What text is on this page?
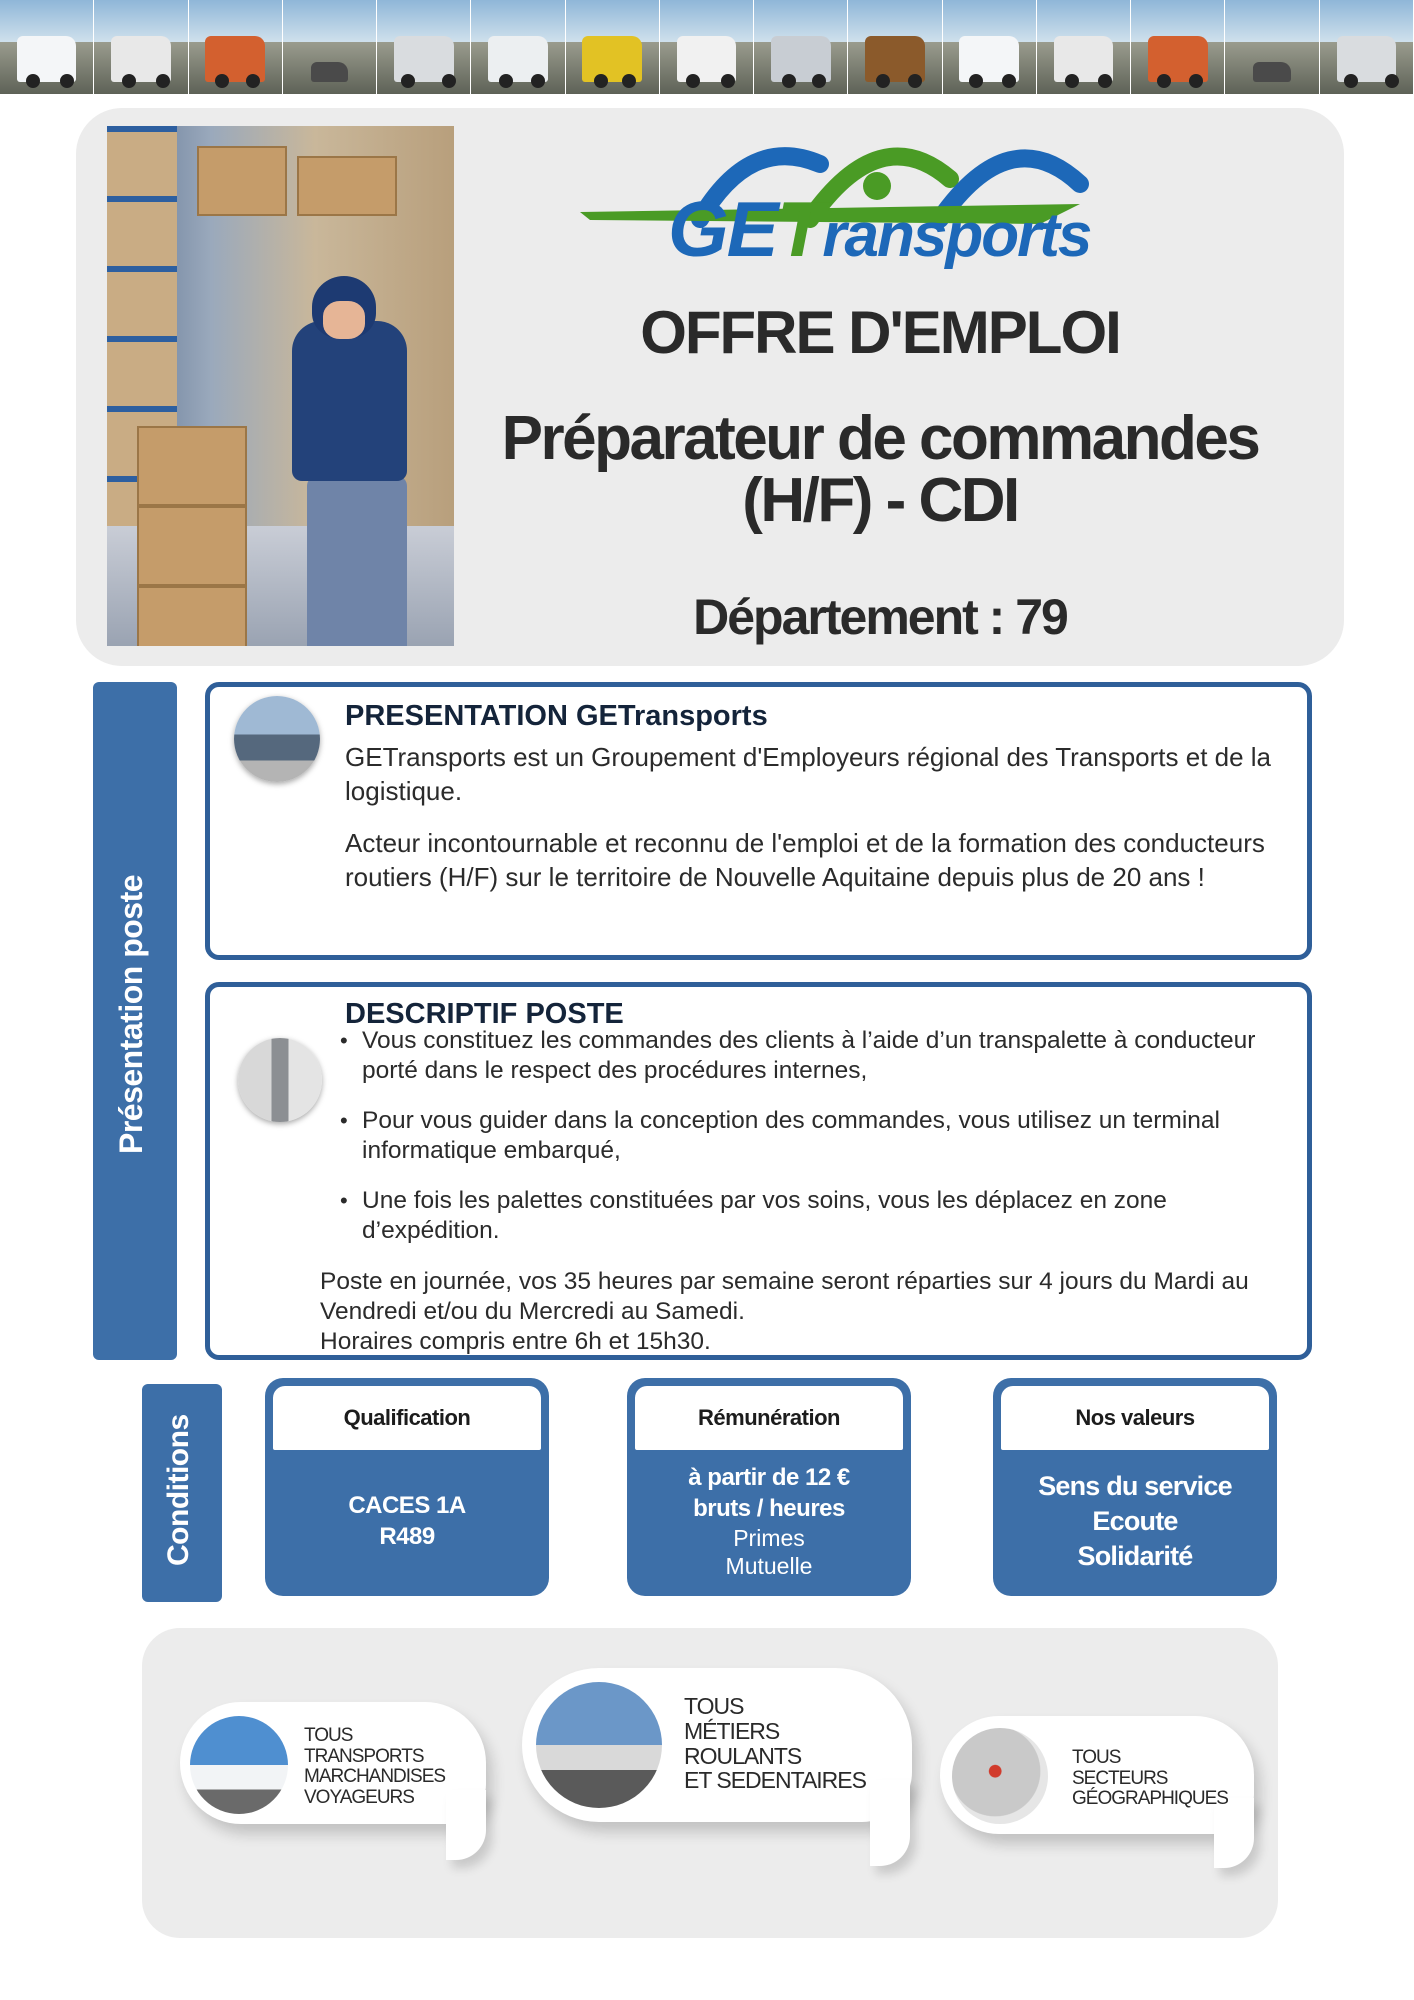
GETransports
OFFRE D'EMPLOI
Préparateur de commandes
(H/F) - CDI
Département : 79
Présentation poste
PRESENTATION GETransports
GETransports est un Groupement d'Employeurs régional des Transports et de la logistique.
Acteur incontournable et reconnu de l'emploi et de la formation des conducteurs routiers (H/F) sur le territoire de Nouvelle Aquitaine depuis plus de 20 ans !
DESCRIPTIF POSTE
• Vous constituez les commandes des clients à l’aide d’un transpalette à conducteur porté dans le respect des procédures internes,
• Pour vous guider dans la conception des commandes, vous utilisez un terminal informatique embarqué,
• Une fois les palettes constituées par vos soins, vous les déplacez en zone d’expédition.
Poste en journée, vos 35 heures par semaine seront réparties sur 4 jours du Mardi au Vendredi et/ou du Mercredi au Samedi.
Horaires compris entre 6h et 15h30.
Conditions	Qualification
CACES 1A
R489
Rémunération
à partir de 12 €
bruts / heures
Primes
Mutuelle
Nos valeurs
Sens du service
Ecoute
Solidarité
TOUS
TRANSPORTS
MARCHANDISES
VOYAGEURS
TOUS
MÉTIERS
ROULANTS
ET SEDENTAIRES
TOUS
SECTEURS
GÉOGRAPHIQUES
